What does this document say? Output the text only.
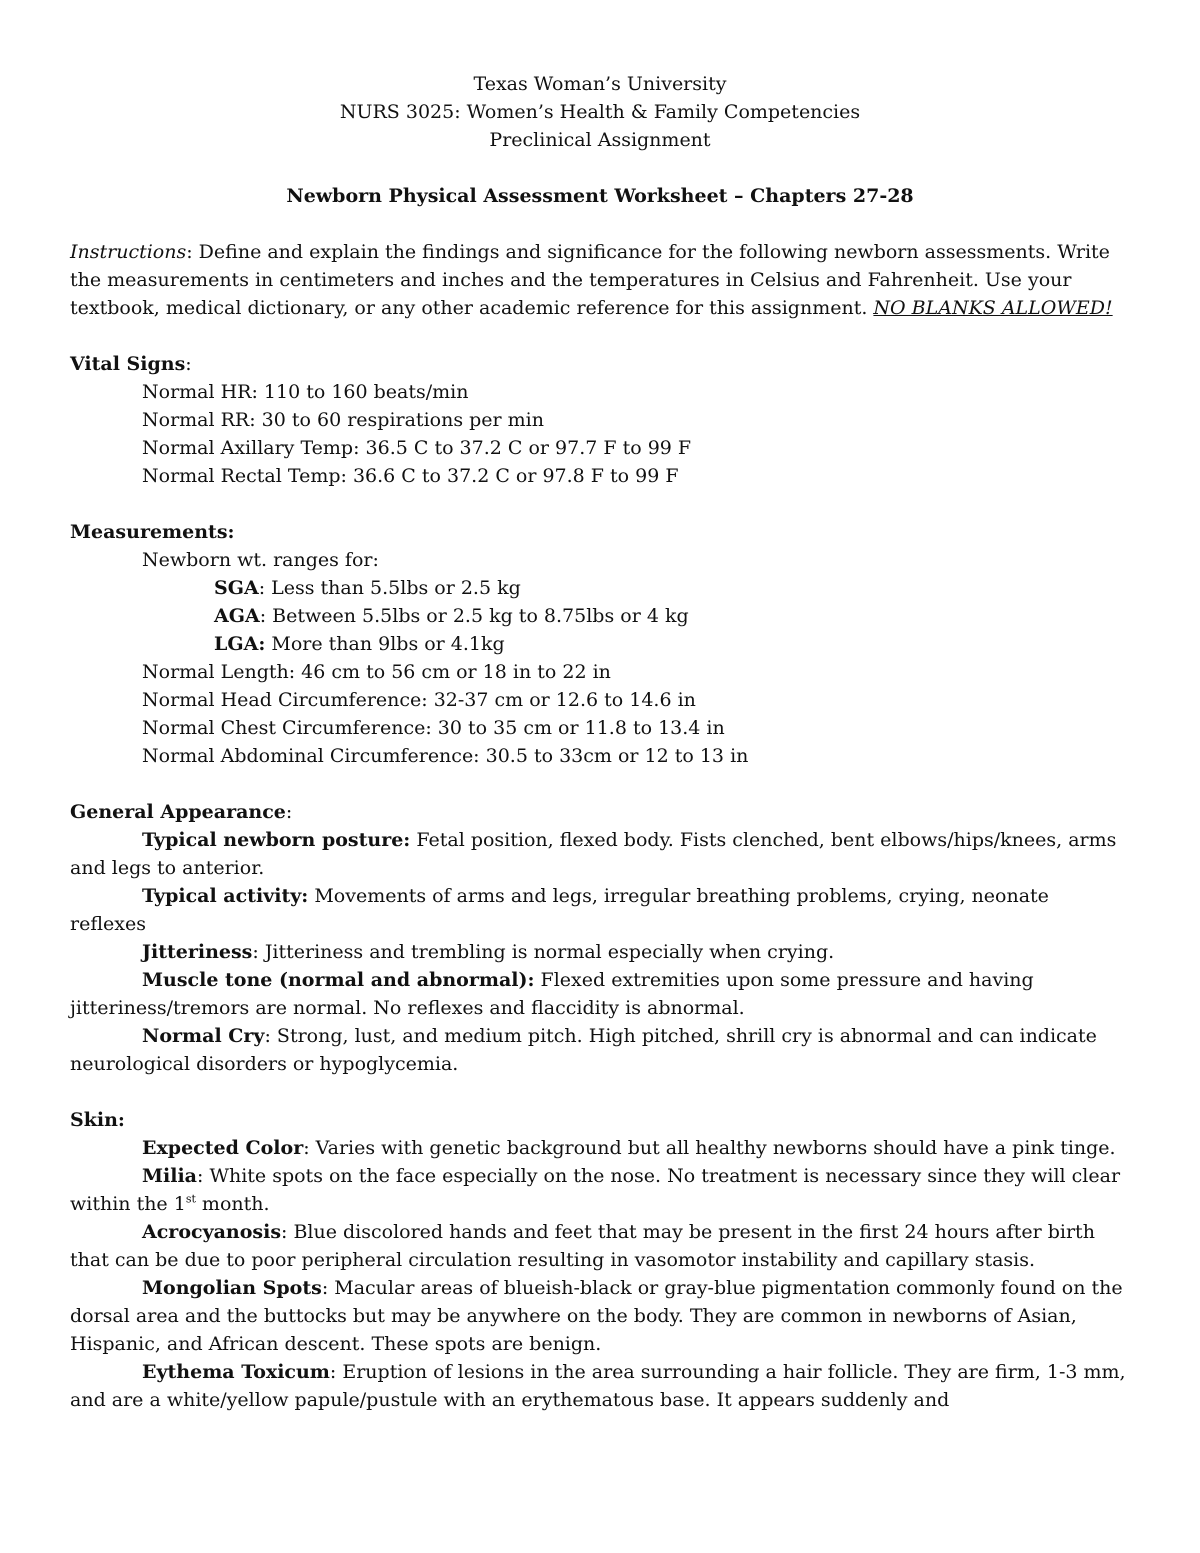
Texas Woman’s University
NURS 3025: Women’s Health & Family Competencies
Preclinical Assignment
Newborn Physical Assessment Worksheet – Chapters 27-28
Instructions: Define and explain the findings and significance for the following newborn assessments. Write the measurements in centimeters and inches and the temperatures in Celsius and Fahrenheit. Use your textbook, medical dictionary, or any other academic reference for this assignment. NO BLANKS ALLOWED!
Vital Signs:
Normal HR: 110 to 160 beats/min
Normal RR: 30 to 60 respirations per min
Normal Axillary Temp: 36.5 C to 37.2 C or 97.7 F to 99 F
Normal Rectal Temp: 36.6 C to 37.2 C or 97.8 F to 99 F
Measurements:
Newborn wt. ranges for:
SGA: Less than 5.5lbs or 2.5 kg
AGA: Between 5.5lbs or 2.5 kg to 8.75lbs or 4 kg
LGA: More than 9lbs or 4.1kg
Normal Length: 46 cm to 56 cm or 18 in to 22 in
Normal Head Circumference: 32-37 cm or 12.6 to 14.6 in
Normal Chest Circumference: 30 to 35 cm or 11.8 to 13.4 in
Normal Abdominal Circumference: 30.5 to 33cm or 12 to 13 in
General Appearance:
Typical newborn posture: Fetal position, flexed body. Fists clenched, bent elbows/hips/knees, arms and legs to anterior.
Typical activity: Movements of arms and legs, irregular breathing problems, crying, neonate reflexes
Jitteriness: Jitteriness and trembling is normal especially when crying.
Muscle tone (normal and abnormal): Flexed extremities upon some pressure and having jitteriness/tremors are normal. No reflexes and flaccidity is abnormal.
Normal Cry: Strong, lust, and medium pitch. High pitched, shrill cry is abnormal and can indicate neurological disorders or hypoglycemia.
Skin:
Expected Color: Varies with genetic background but all healthy newborns should have a pink tinge.
Milia: White spots on the face especially on the nose. No treatment is necessary since they will clear within the 1st month.
Acrocyanosis: Blue discolored hands and feet that may be present in the first 24 hours after birth that can be due to poor peripheral circulation resulting in vasomotor instability and capillary stasis.
Mongolian Spots: Macular areas of blueish-black or gray-blue pigmentation commonly found on the dorsal area and the buttocks but may be anywhere on the body. They are common in newborns of Asian, Hispanic, and African descent. These spots are benign.
Eythema Toxicum: Eruption of lesions in the area surrounding a hair follicle. They are firm, 1-3 mm, and are a white/yellow papule/pustule with an erythematous base. It appears suddenly and
